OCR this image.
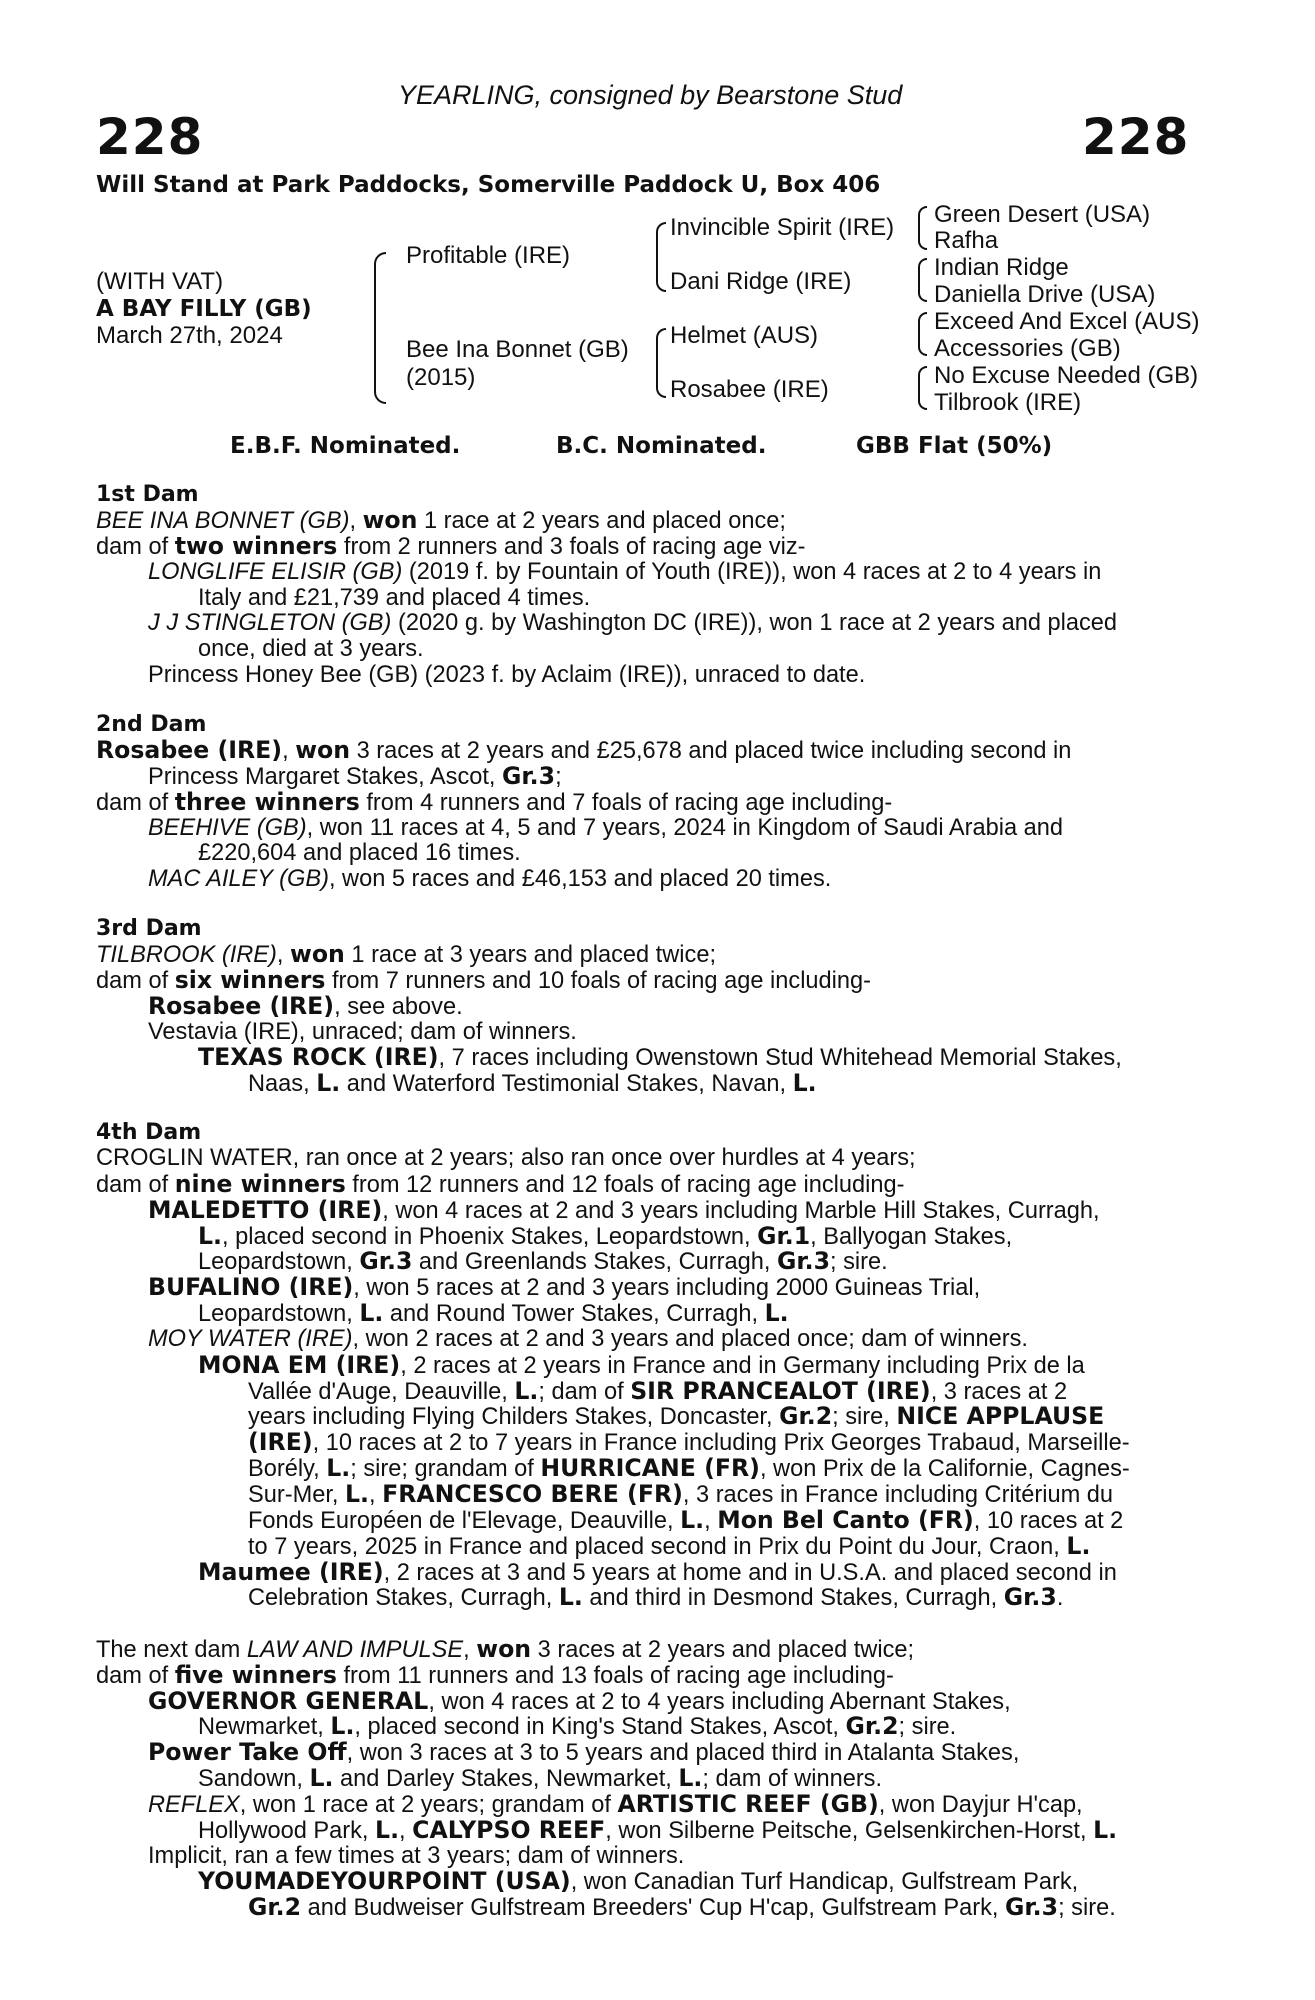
YEARLING, consigned by Bearstone Stud
228	228
Will Stand at Park Paddocks, Somerville Paddock U, Box 406
(WITH VAT)
A BAY FILLY (GB)
March 27th, 2024
Profitable (IRE)
Bee Ina Bonnet (GB)
(2015)
Invincible Spirit (IRE)
Dani Ridge (IRE)
Helmet (AUS)
Rosabee (IRE)
Green Desert (USA)
Rafha
Indian Ridge
Daniella Drive (USA)
Exceed And Excel (AUS)
Accessories (GB)
No Excuse Needed (GB)
Tilbrook (IRE)
E.B.F. Nominated.	B.C. Nominated.	GBB Flat (50%)
1st Dam
BEE INA BONNET (GB), won 1 race at 2 years and placed once;
dam of two winners from 2 runners and 3 foals of racing age viz-
LONGLIFE ELISIR (GB) (2019 f. by Fountain of Youth (IRE)), won 4 races at 2 to 4 years in
Italy and £21,739 and placed 4 times.
J J STINGLETON (GB) (2020 g. by Washington DC (IRE)), won 1 race at 2 years and placed
once, died at 3 years.
Princess Honey Bee (GB) (2023 f. by Aclaim (IRE)), unraced to date.
2nd Dam
Rosabee (IRE), won 3 races at 2 years and £25,678 and placed twice including second in
Princess Margaret Stakes, Ascot, Gr.3;
dam of three winners from 4 runners and 7 foals of racing age including-
BEEHIVE (GB), won 11 races at 4, 5 and 7 years, 2024 in Kingdom of Saudi Arabia and
£220,604 and placed 16 times.
MAC AILEY (GB), won 5 races and £46,153 and placed 20 times.
3rd Dam
TILBROOK (IRE), won 1 race at 3 years and placed twice;
dam of six winners from 7 runners and 10 foals of racing age including-
Rosabee (IRE), see above.
Vestavia (IRE), unraced; dam of winners.
TEXAS ROCK (IRE), 7 races including Owenstown Stud Whitehead Memorial Stakes,
Naas, L. and Waterford Testimonial Stakes, Navan, L.
4th Dam
CROGLIN WATER, ran once at 2 years; also ran once over hurdles at 4 years;
dam of nine winners from 12 runners and 12 foals of racing age including-
MALEDETTO (IRE), won 4 races at 2 and 3 years including Marble Hill Stakes, Curragh,
L., placed second in Phoenix Stakes, Leopardstown, Gr.1, Ballyogan Stakes,
Leopardstown, Gr.3 and Greenlands Stakes, Curragh, Gr.3; sire.
BUFALINO (IRE), won 5 races at 2 and 3 years including 2000 Guineas Trial,
Leopardstown, L. and Round Tower Stakes, Curragh, L.
MOY WATER (IRE), won 2 races at 2 and 3 years and placed once; dam of winners.
MONA EM (IRE), 2 races at 2 years in France and in Germany including Prix de la
Vallée d'Auge, Deauville, L.; dam of SIR PRANCEALOT (IRE), 3 races at 2
years including Flying Childers Stakes, Doncaster, Gr.2; sire, NICE APPLAUSE
(IRE), 10 races at 2 to 7 years in France including Prix Georges Trabaud, Marseille-
Borély, L.; sire; grandam of HURRICANE (FR), won Prix de la Californie, Cagnes-
Sur-Mer, L., FRANCESCO BERE (FR), 3 races in France including Critérium du
Fonds Européen de l'Elevage, Deauville, L., Mon Bel Canto (FR), 10 races at 2
to 7 years, 2025 in France and placed second in Prix du Point du Jour, Craon, L.
Maumee (IRE), 2 races at 3 and 5 years at home and in U.S.A. and placed second in
Celebration Stakes, Curragh, L. and third in Desmond Stakes, Curragh, Gr.3.
The next dam LAW AND IMPULSE, won 3 races at 2 years and placed twice;
dam of five winners from 11 runners and 13 foals of racing age including-
GOVERNOR GENERAL, won 4 races at 2 to 4 years including Abernant Stakes,
Newmarket, L., placed second in King's Stand Stakes, Ascot, Gr.2; sire.
Power Take Off, won 3 races at 3 to 5 years and placed third in Atalanta Stakes,
Sandown, L. and Darley Stakes, Newmarket, L.; dam of winners.
REFLEX, won 1 race at 2 years; grandam of ARTISTIC REEF (GB), won Dayjur H'cap,
Hollywood Park, L., CALYPSO REEF, won Silberne Peitsche, Gelsenkirchen-Horst, L.
Implicit, ran a few times at 3 years; dam of winners.
YOUMADEYOURPOINT (USA), won Canadian Turf Handicap, Gulfstream Park,
Gr.2 and Budweiser Gulfstream Breeders' Cup H'cap, Gulfstream Park, Gr.3; sire.
